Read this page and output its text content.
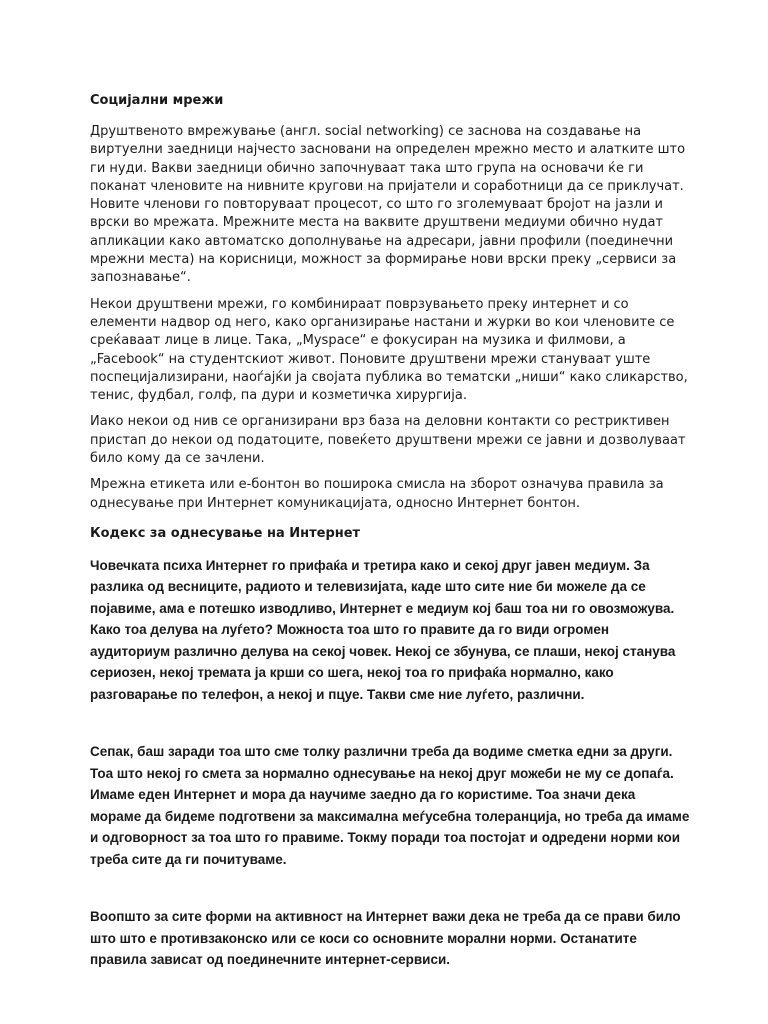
Социјални мрежи

Друштвеното вмрежување (англ. social networking) се заснова на создавање на виртуелни заедници најчесто засновани на определен мрежно место и алатките што ги нуди. Вакви заедници обично започнуваат така што група на основачи ќе ги поканат членовите на нивните кругови на пријатели и соработници да се приклучат. Новите членови го повторуваат процесот, со што го зголемуваат бројот на јазли и врски во мрежата. Мрежните места на ваквите друштвени медиуми обично нудат апликации како автоматско дополнување на адресари, јавни профили (поединечни мрежни места) на корисници, можност за формирање нови врски преку „сервиси за запознавање“.

Некои друштвени мрежи, го комбинираат поврзувањето преку интернет и со елементи надвор од него, како организирање настани и журки во кои членовите се среќаваат лице в лице. Така, „Myspace“ е фокусиран на музика и филмови, а „Facebook“ на студентскиот живот. Поновите друштвени мрежи стануваат уште поспецијализирани, наоѓајќи ја својата публика во тематски „ниши“ како сликарство, тенис, фудбал, голф, па дури и козметичка хирургија.

Иако некои од нив се организирани врз база на деловни контакти со рестриктивен пристап до некои од податоците, повеќето друштвени мрежи се јавни и дозволуваат било кому да се зачлени.

Мрежна етикета или е-бонтон во поширока смисла на зборот означува правила за однесување при Интернет комуникацијата, односно Интернет бонтон.

Кодекс за однесување на Интернет

Човечката психа Интернет го прифаќа и третира како и секој друг јавен медиум. За разлика од весниците, радиото и телевизијата, каде што сите ние би можеле да се појавиме, ама е потешко изводливо, Интернет е медиум кој баш тоа ни го овозможува. Како тоа делува на луѓето? Можноста тоа што го правите да го види огромен аудиториум различно делува на секој човек. Некој се збунува, се плаши, некој станува сериозен, некој тремата ја крши со шега, некој тоа го прифаќа нормално, како разговарање по телефон, а некој и пцуе. Такви сме ние луѓето, различни.

Сепак, баш заради тоа што сме толку различни треба да водиме сметка едни за други. Тоа што некој го смета за нормално однесување на некој друг можеби не му се допаѓа. Имаме еден Интернет и мора да научиме заедно да го користиме. Тоа значи дека мораме да бидеме подготвени за максимална меѓусебна толеранција, но треба да имаме и одговорност за тоа што го правиме. Токму поради тоа постојат и одредени норми кои треба сите да ги почитуваме.

Воопшто за сите форми на активност на Интернет важи дека не треба да се прави било што што е противзаконско или се коси со основните морални норми. Останатите правила зависат од поединечните интернет-сервиси.
